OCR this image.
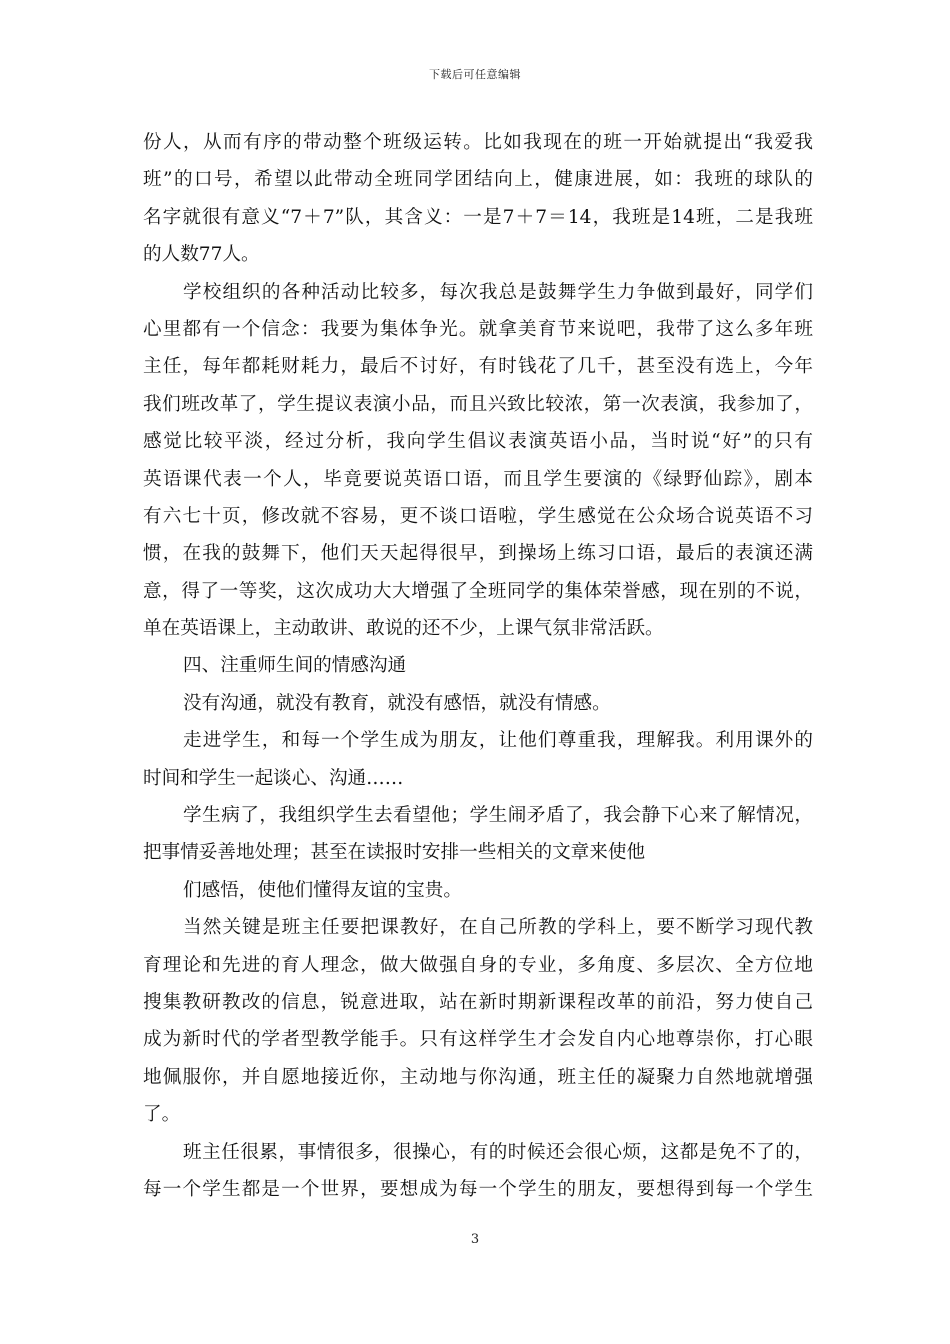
下载后可任意编辑
份人，从而有序的带动整个班级运转。比如我现在的班一开始就提出“我爱我
班”的口号，希望以此带动全班同学团结向上，健康进展，如：我班的球队的
名字就很有意义“7＋7”队，其含义：一是7＋7＝14，我班是14班，二是我班
的人数77人。
学校组织的各种活动比较多，每次我总是鼓舞学生力争做到最好，同学们
心里都有一个信念：我要为集体争光。就拿美育节来说吧，我带了这么多年班
主任，每年都耗财耗力，最后不讨好，有时钱花了几千，甚至没有选上，今年
我们班改革了，学生提议表演小品，而且兴致比较浓，第一次表演，我参加了，
感觉比较平淡，经过分析，我向学生倡议表演英语小品，当时说“好”的只有
英语课代表一个人，毕竟要说英语口语，而且学生要演的《绿野仙踪》，剧本
有六七十页，修改就不容易，更不谈口语啦，学生感觉在公众场合说英语不习
惯，在我的鼓舞下，他们天天起得很早，到操场上练习口语，最后的表演还满
意，得了一等奖，这次成功大大增强了全班同学的集体荣誉感，现在别的不说，
单在英语课上，主动敢讲、敢说的还不少，上课气氛非常活跃。
四、注重师生间的情感沟通
没有沟通，就没有教育，就没有感悟，就没有情感。
走进学生，和每一个学生成为朋友，让他们尊重我，理解我。利用课外的
时间和学生一起谈心、沟通……
学生病了，我组织学生去看望他；学生闹矛盾了，我会静下心来了解情况，
把事情妥善地处理；甚至在读报时安排一些相关的文章来使他
们感悟，使他们懂得友谊的宝贵。
当然关键是班主任要把课教好，在自己所教的学科上，要不断学习现代教
育理论和先进的育人理念，做大做强自身的专业，多角度、多层次、全方位地
搜集教研教改的信息，锐意进取，站在新时期新课程改革的前沿，努力使自己
成为新时代的学者型教学能手。只有这样学生才会发自内心地尊崇你，打心眼
地佩服你，并自愿地接近你，主动地与你沟通，班主任的凝聚力自然地就增强
了。
班主任很累，事情很多，很操心，有的时候还会很心烦，这都是免不了的，
每一个学生都是一个世界，要想成为每一个学生的朋友，要想得到每一个学生
3
